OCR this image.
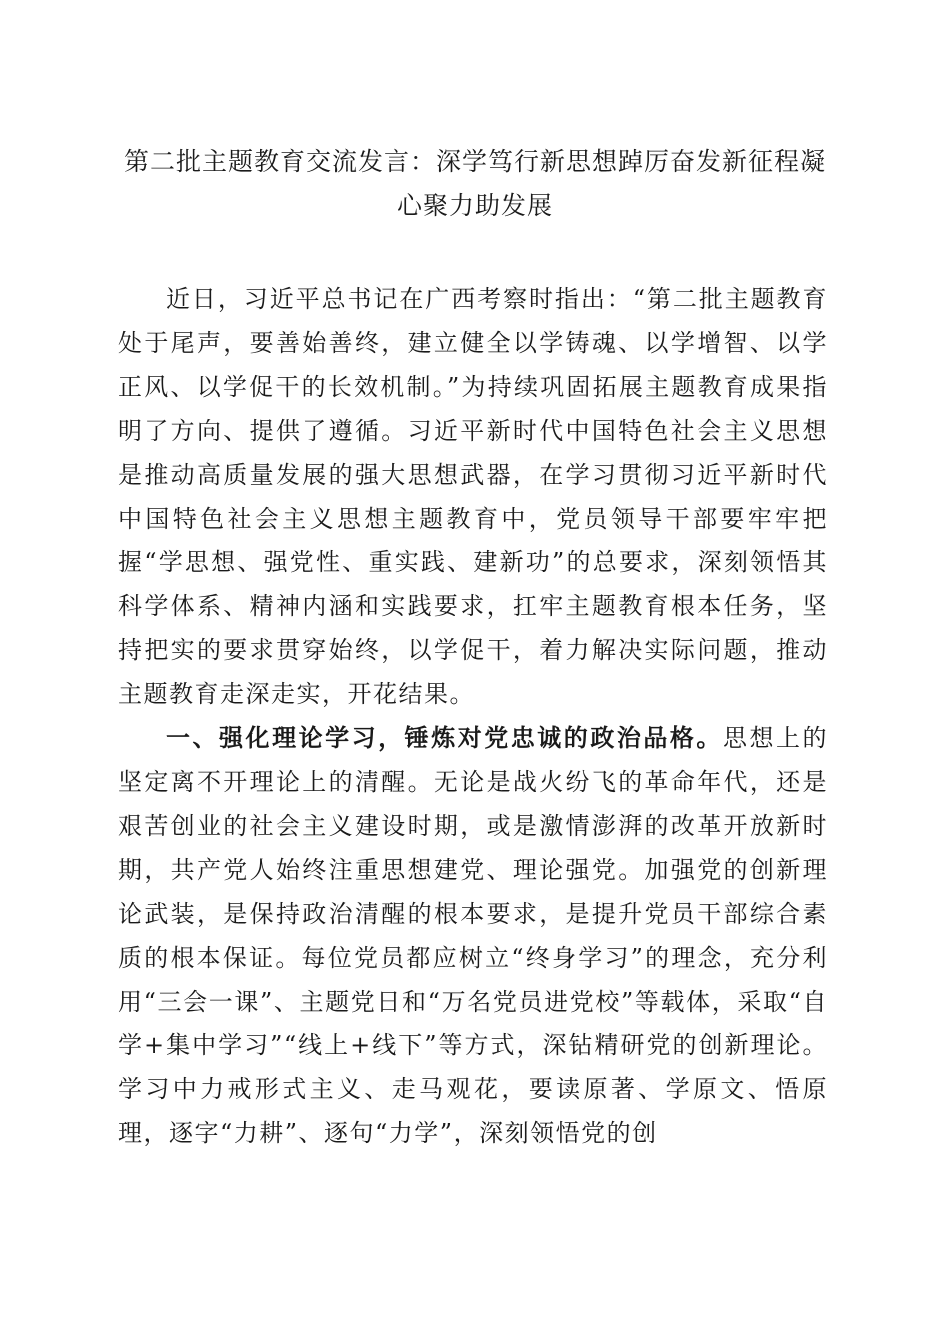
第二批主题教育交流发言：深学笃行新思想踔厉奋发新征程凝心聚力助发展

近日，习近平总书记在广西考察时指出：“第二批主题教育处于尾声，要善始善终，建立健全以学铸魂、以学增智、以学正风、以学促干的长效机制。”为持续巩固拓展主题教育成果指明了方向、提供了遵循。习近平新时代中国特色社会主义思想是推动高质量发展的强大思想武器，在学习贯彻习近平新时代中国特色社会主义思想主题教育中，党员领导干部要牢牢把握“学思想、强党性、重实践、建新功”的总要求，深刻领悟其科学体系、精神内涵和实践要求，扛牢主题教育根本任务，坚持把实的要求贯穿始终，以学促干，着力解决实际问题，推动主题教育走深走实，开花结果。

一、强化理论学习，锤炼对党忠诚的政治品格。思想上的坚定离不开理论上的清醒。无论是战火纷飞的革命年代，还是艰苦创业的社会主义建设时期，或是激情澎湃的改革开放新时期，共产党人始终注重思想建党、理论强党。加强党的创新理论武装，是保持政治清醒的根本要求，是提升党员干部综合素质的根本保证。每位党员都应树立“终身学习”的理念，充分利用“三会一课”、主题党日和“万名党员进党校”等载体，采取“自学+集中学习”“线上+线下”等方式，深钻精研党的创新理论。学习中力戒形式主义、走马观花，要读原著、学原文、悟原理，逐字“力耕”、逐句“力学”，深刻领悟党的创
